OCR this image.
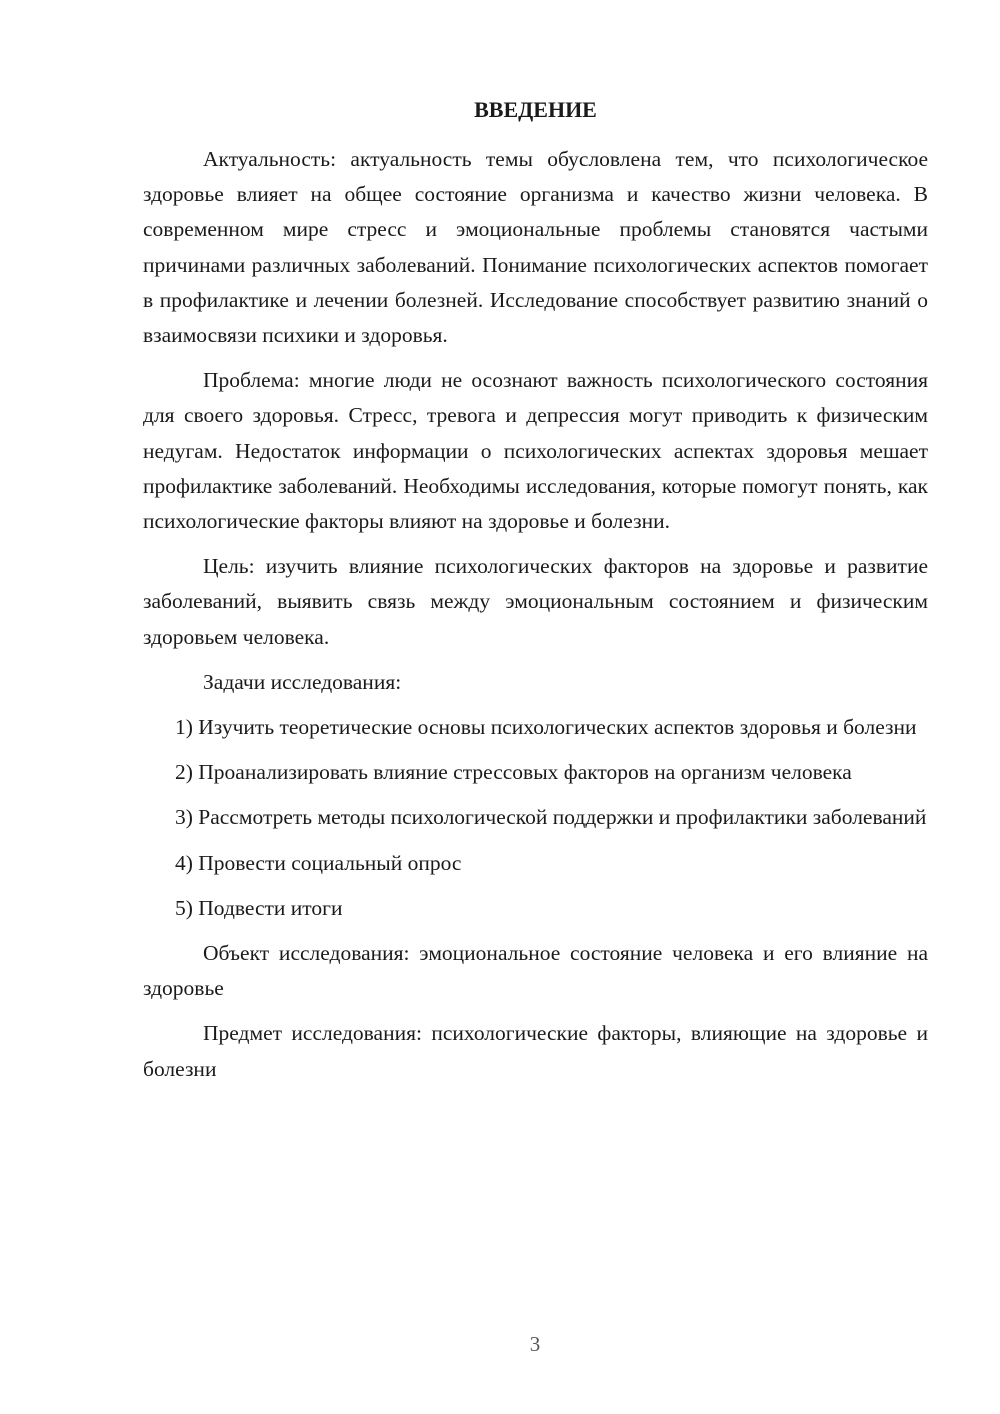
ВВЕДЕНИЕ

Актуальность: актуальность темы обусловлена тем, что психологическое здоровье влияет на общее состояние организма и качество жизни человека. В современном мире стресс и эмоциональные проблемы становятся частыми причинами различных заболеваний. Понимание психологических аспектов помогает в профилактике и лечении болезней. Исследование способствует развитию знаний о взаимосвязи психики и здоровья.

Проблема: многие люди не осознают важность психологического состояния для своего здоровья. Стресс, тревога и депрессия могут приводить к физическим недугам. Недостаток информации о психологических аспектах здоровья мешает профилактике заболеваний. Необходимы исследования, которые помогут понять, как психологические факторы влияют на здоровье и болезни.

Цель: изучить влияние психологических факторов на здоровье и развитие заболеваний, выявить связь между эмоциональным состоянием и физическим здоровьем человека.

Задачи исследования:

1) Изучить теоретические основы психологических аспектов здоровья и болезни

2) Проанализировать влияние стрессовых факторов на организм человека

3) Рассмотреть методы психологической поддержки и профилактики заболеваний

4) Провести социальный опрос

5) Подвести итоги

Объект исследования: эмоциональное состояние человека и его влияние на здоровье

Предмет исследования: психологические факторы, влияющие на здоровье и болезни

3
